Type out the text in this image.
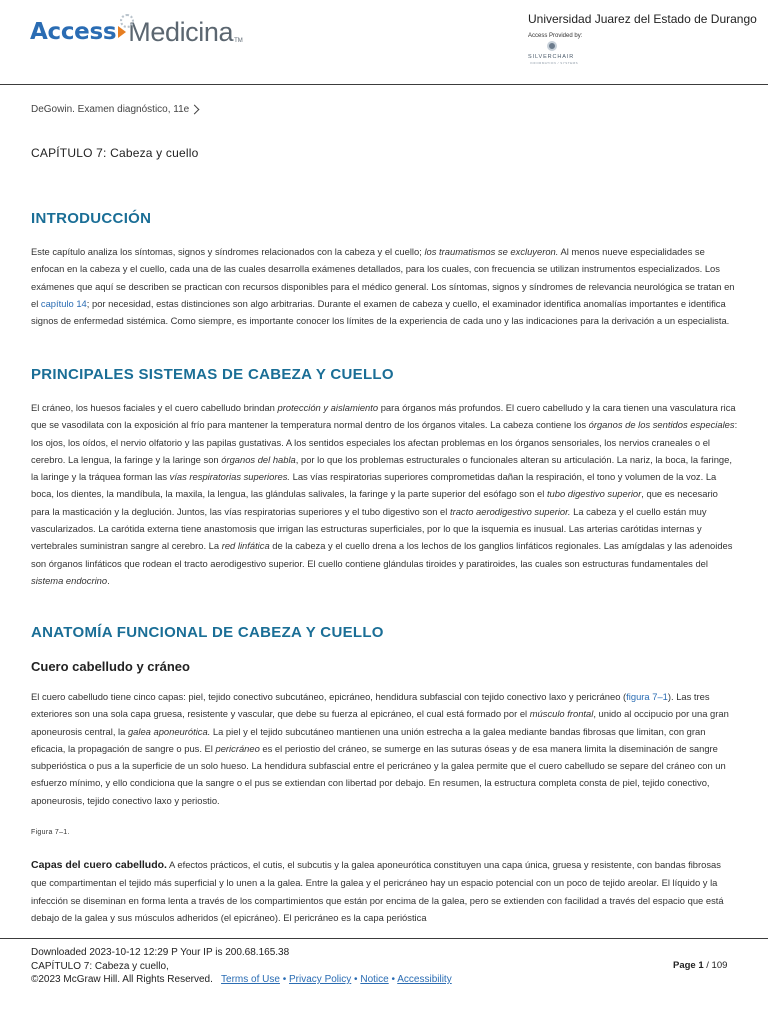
Access Medicina TM
Universidad Juarez del Estado de Durango
Access Provided by:
SILVERCHAIR
INFORMATION / SYSTEMS
DeGowin. Examen diagnóstico, 11e
CAPÍTULO 7: Cabeza y cuello
INTRODUCCIÓN

Este capítulo analiza los síntomas, signos y síndromes relacionados con la cabeza y el cuello; los traumatismos se excluyeron. Al menos nueve especialidades se enfocan en la cabeza y el cuello, cada una de las cuales desarrolla exámenes detallados, para los cuales, con frecuencia se utilizan instrumentos especializados. Los exámenes que aquí se describen se practican con recursos disponibles para el médico general. Los síntomas, signos y síndromes de relevancia neurológica se tratan en el capítulo 14; por necesidad, estas distinciones son algo arbitrarias. Durante el examen de cabeza y cuello, el examinador identifica anomalías importantes e identifica signos de enfermedad sistémica. Como siempre, es importante conocer los límites de la experiencia de cada uno y las indicaciones para la derivación a un especialista.

PRINCIPALES SISTEMAS DE CABEZA Y CUELLO

El cráneo, los huesos faciales y el cuero cabelludo brindan protección y aislamiento para órganos más profundos. El cuero cabelludo y la cara tienen una vasculatura rica que se vasodilata con la exposición al frío para mantener la temperatura normal dentro de los órganos vitales. La cabeza contiene los órganos de los sentidos especiales: los ojos, los oídos, el nervio olfatorio y las papilas gustativas. A los sentidos especiales los afectan problemas en los órganos sensoriales, los nervios craneales o el cerebro. La lengua, la faringe y la laringe son órganos del habla, por lo que los problemas estructurales o funcionales alteran su articulación. La nariz, la boca, la faringe, la laringe y la tráquea forman las vías respiratorias superiores. Las vías respiratorias superiores comprometidas dañan la respiración, el tono y volumen de la voz. La boca, los dientes, la mandíbula, la maxila, la lengua, las glándulas salivales, la faringe y la parte superior del esófago son el tubo digestivo superior, que es necesario para la masticación y la deglución. Juntos, las vías respiratorias superiores y el tubo digestivo son el tracto aerodigestivo superior. La cabeza y el cuello están muy vascularizados. La carótida externa tiene anastomosis que irrigan las estructuras superficiales, por lo que la isquemia es inusual. Las arterias carótidas internas y vertebrales suministran sangre al cerebro. La red linfática de la cabeza y el cuello drena a los lechos de los ganglios linfáticos regionales. Las amígdalas y las adenoides son órganos linfáticos que rodean el tracto aerodigestivo superior. El cuello contiene glándulas tiroides y paratiroides, las cuales son estructuras fundamentales del sistema endocrino.

ANATOMÍA FUNCIONAL DE CABEZA Y CUELLO
Cuero cabelludo y cráneo

El cuero cabelludo tiene cinco capas: piel, tejido conectivo subcutáneo, epicráneo, hendidura subfascial con tejido conectivo laxo y pericráneo (figura 7–1). Las tres exteriores son una sola capa gruesa, resistente y vascular, que debe su fuerza al epicráneo, el cual está formado por el músculo frontal, unido al occipucio por una gran aponeurosis central, la galea aponeurótica. La piel y el tejido subcutáneo mantienen una unión estrecha a la galea mediante bandas fibrosas que limitan, con gran eficacia, la propagación de sangre o pus. El pericráneo es el periostio del cráneo, se sumerge en las suturas óseas y de esa manera limita la diseminación de sangre subperióstica o pus a la superficie de un solo hueso. La hendidura subfascial entre el pericráneo y la galea permite que el cuero cabelludo se separe del cráneo con un esfuerzo mínimo, y ello condiciona que la sangre o el pus se extiendan con libertad por debajo. En resumen, la estructura completa consta de piel, tejido conectivo, aponeurosis, tejido conectivo laxo y periostio.

Figura 7–1.

Capas del cuero cabelludo. A efectos prácticos, el cutis, el subcutis y la galea aponeurótica constituyen una capa única, gruesa y resistente, con bandas fibrosas que compartimentan el tejido más superficial y lo unen a la galea. Entre la galea y el pericráneo hay un espacio potencial con un poco de tejido areolar. El líquido y la infección se diseminan en forma lenta a través de los compartimientos que están por encima de la galea, pero se extienden con facilidad a través del espacio que está debajo de la galea y sus músculos adheridos (el epicráneo). El pericráneo es la capa perióstica

Downloaded 2023-10-12 12:29 P Your IP is 200.68.165.38
CAPÍTULO 7: Cabeza y cuello,
©2023 McGraw Hill. All Rights Reserved. Terms of Use • Privacy Policy • Notice • Accessibility
Page 1 / 109
